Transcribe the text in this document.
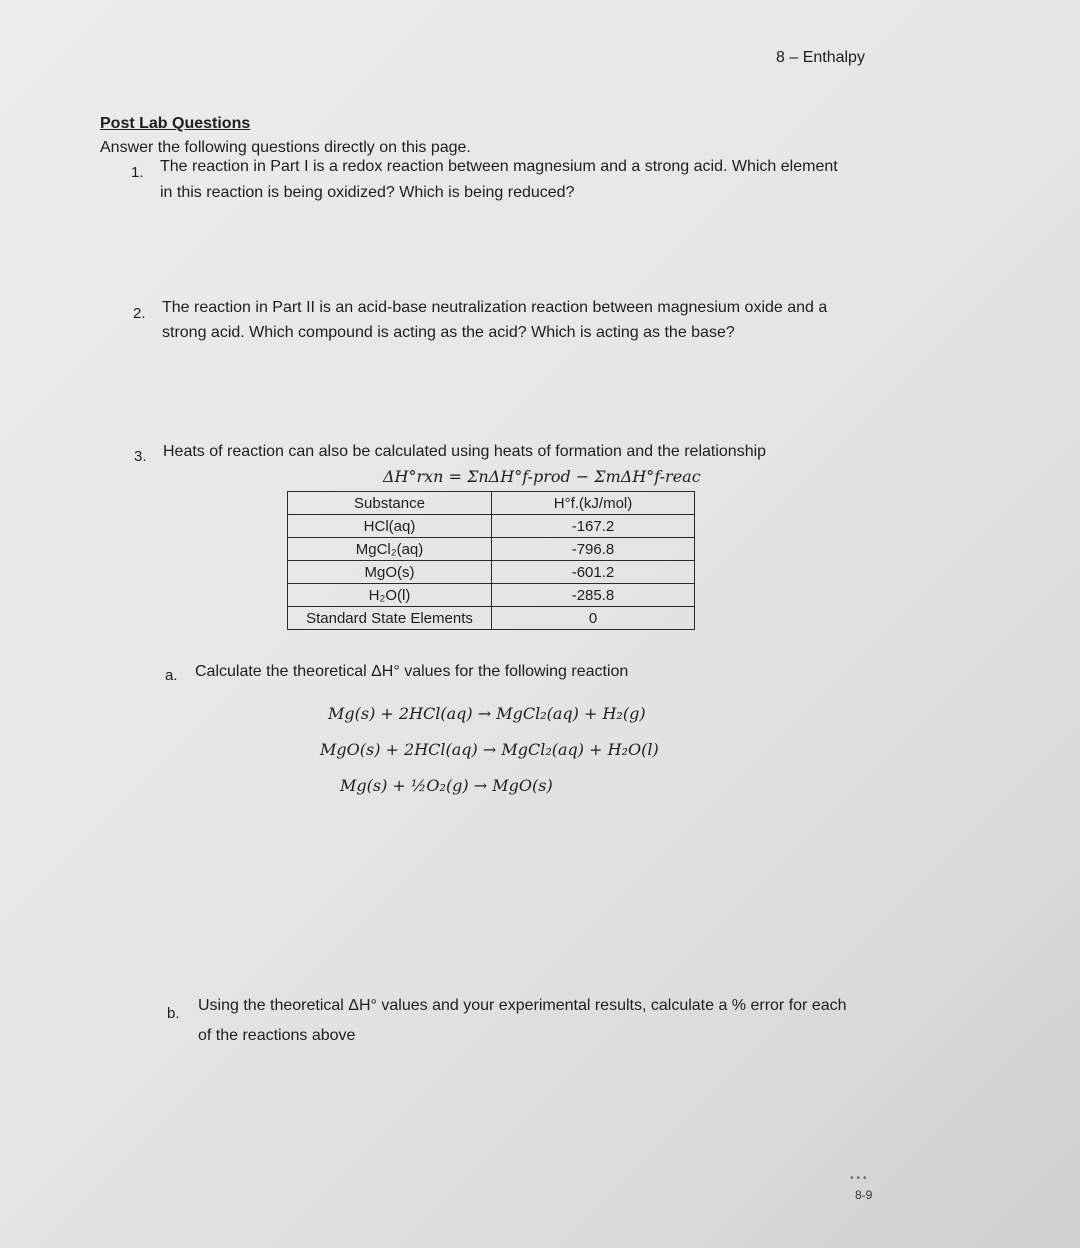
8 – Enthalpy
Post Lab Questions
Answer the following questions directly on this page.
1. The reaction in Part I is a redox reaction between magnesium and a strong acid. Which element
in this reaction is being oxidized? Which is being reduced?
2. The reaction in Part II is an acid-base neutralization reaction between magnesium oxide and a
strong acid. Which compound is acting as the acid? Which is acting as the base?
3. Heats of reaction can also be calculated using heats of formation and the relationship
ΔH°rxn = ΣnΔH°f-prod − ΣmΔH°f-reac
Substance	H°f.(kJ/mol)
HCl(aq)	-167.2
MgCl₂(aq)	-796.8
MgO(s)	-601.2
H₂O(l)	-285.8
Standard State Elements	0
a. Calculate the theoretical ΔH° values for the following reaction
Mg(s) + 2HCl(aq) → MgCl₂(aq) + H₂(g)
MgO(s) + 2HCl(aq) → MgCl₂(aq) + H₂O(l)
Mg(s) + ½O₂(g) → MgO(s)
b. Using the theoretical ΔH° values and your experimental results, calculate a % error for each
of the reactions above
•••
8-9
